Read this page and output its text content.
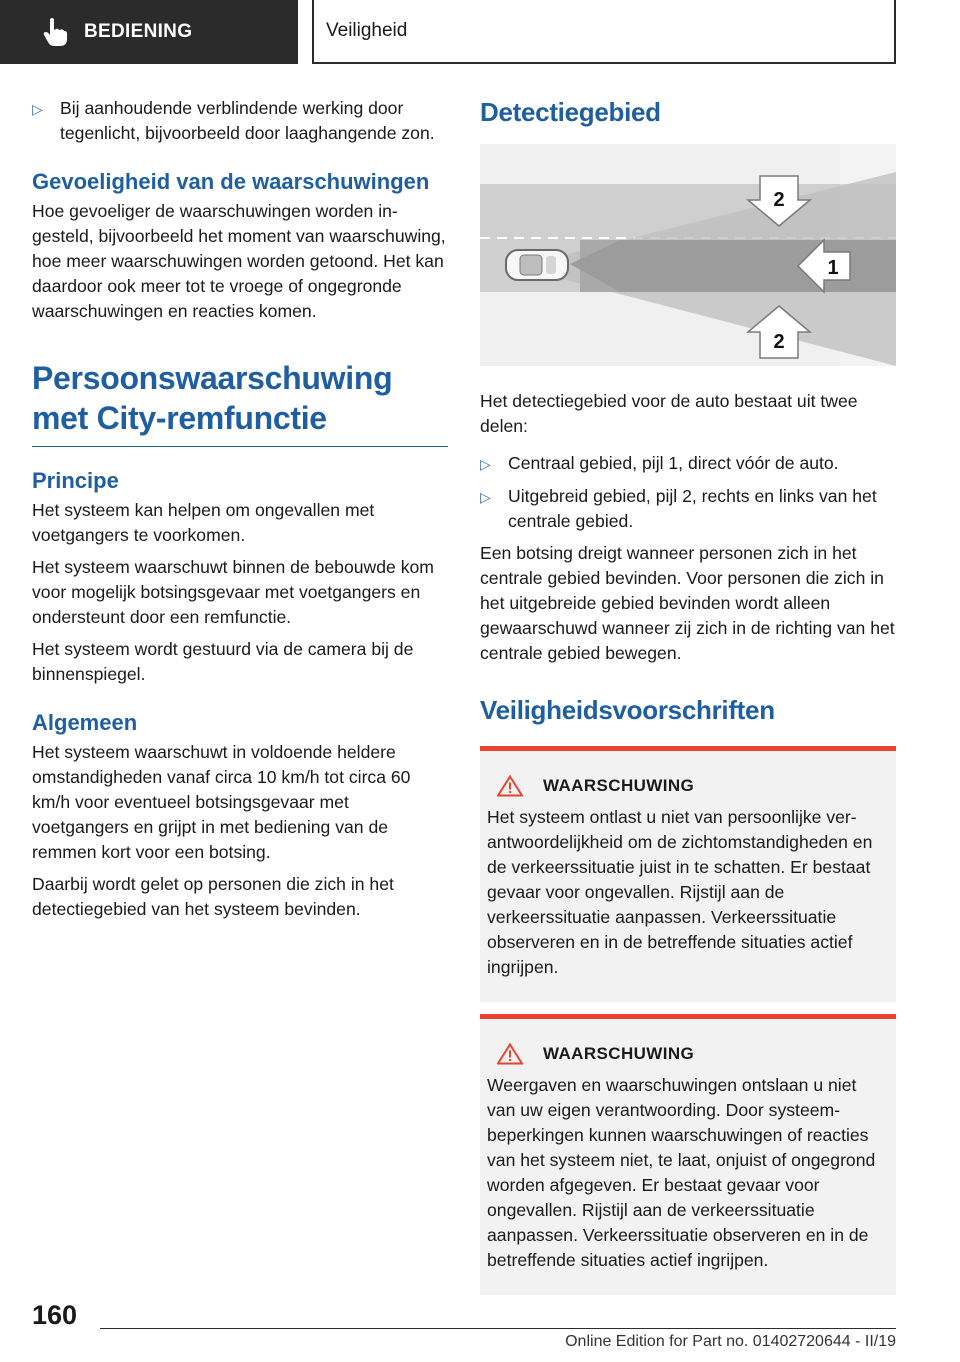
BEDIENING	Veiligheid
▷ Bij aanhoudende verblindende werking door tegenlicht, bijvoorbeeld door laaghangende zon.
Gevoeligheid van de waarschuwingen

Hoe gevoeliger de waarschuwingen worden ingesteld, bijvoorbeeld het moment van waarschuwing, hoe meer waarschuwingen worden getoond. Het kan daardoor ook meer tot te vroege of ongegronde waarschuwingen en reacties komen.

Persoonswaarschuwing met City-remfunctie
Principe

Het systeem kan helpen om ongevallen met voetgangers te voorkomen.

Het systeem waarschuwt binnen de bebouwde kom voor mogelijk botsingsgevaar met voetgangers en ondersteunt door een remfunctie.

Het systeem wordt gestuurd via de camera bij de binnenspiegel.

Algemeen

Het systeem waarschuwt in voldoende heldere omstandigheden vanaf circa 10 km/h tot circa 60 km/h voor eventueel botsingsgevaar met voetgangers en grijpt in met bediening van de remmen kort voor een botsing.

Daarbij wordt gelet op personen die zich in het detectiegebied van het systeem bevinden.

Detectiegebied
2
1
2

Het detectiegebied voor de auto bestaat uit twee delen:

▷ Centraal gebied, pijl 1, direct vóór de auto.
▷ Uitgebreid gebied, pijl 2, rechts en links van het centrale gebied.

Een botsing dreigt wanneer personen zich in het centrale gebied bevinden. Voor personen die zich in het uitgebreide gebied bevinden wordt alleen gewaarschuwd wanneer zij zich in de richting van het centrale gebied bewegen.

Veiligheidsvoorschriften
WAARSCHUWING

Het systeem ontlast u niet van persoonlijke verantwoordelijkheid om de zichtomstandigheden en de verkeerssituatie juist in te schatten. Er bestaat gevaar voor ongevallen. Rijstijl aan de verkeerssituatie aanpassen. Verkeerssituatie observeren en in de betreffende situaties actief ingrijpen.

WAARSCHUWING

Weergaven en waarschuwingen ontslaan u niet van uw eigen verantwoording. Door systeembeperkingen kunnen waarschuwingen of reacties van het systeem niet, te laat, onjuist of ongegrond worden afgegeven. Er bestaat gevaar voor ongevallen. Rijstijl aan de verkeerssituatie aanpassen. Verkeerssituatie observeren en in de betreffende situaties actief ingrijpen.

160
Online Edition for Part no. 01402720644 - II/19
